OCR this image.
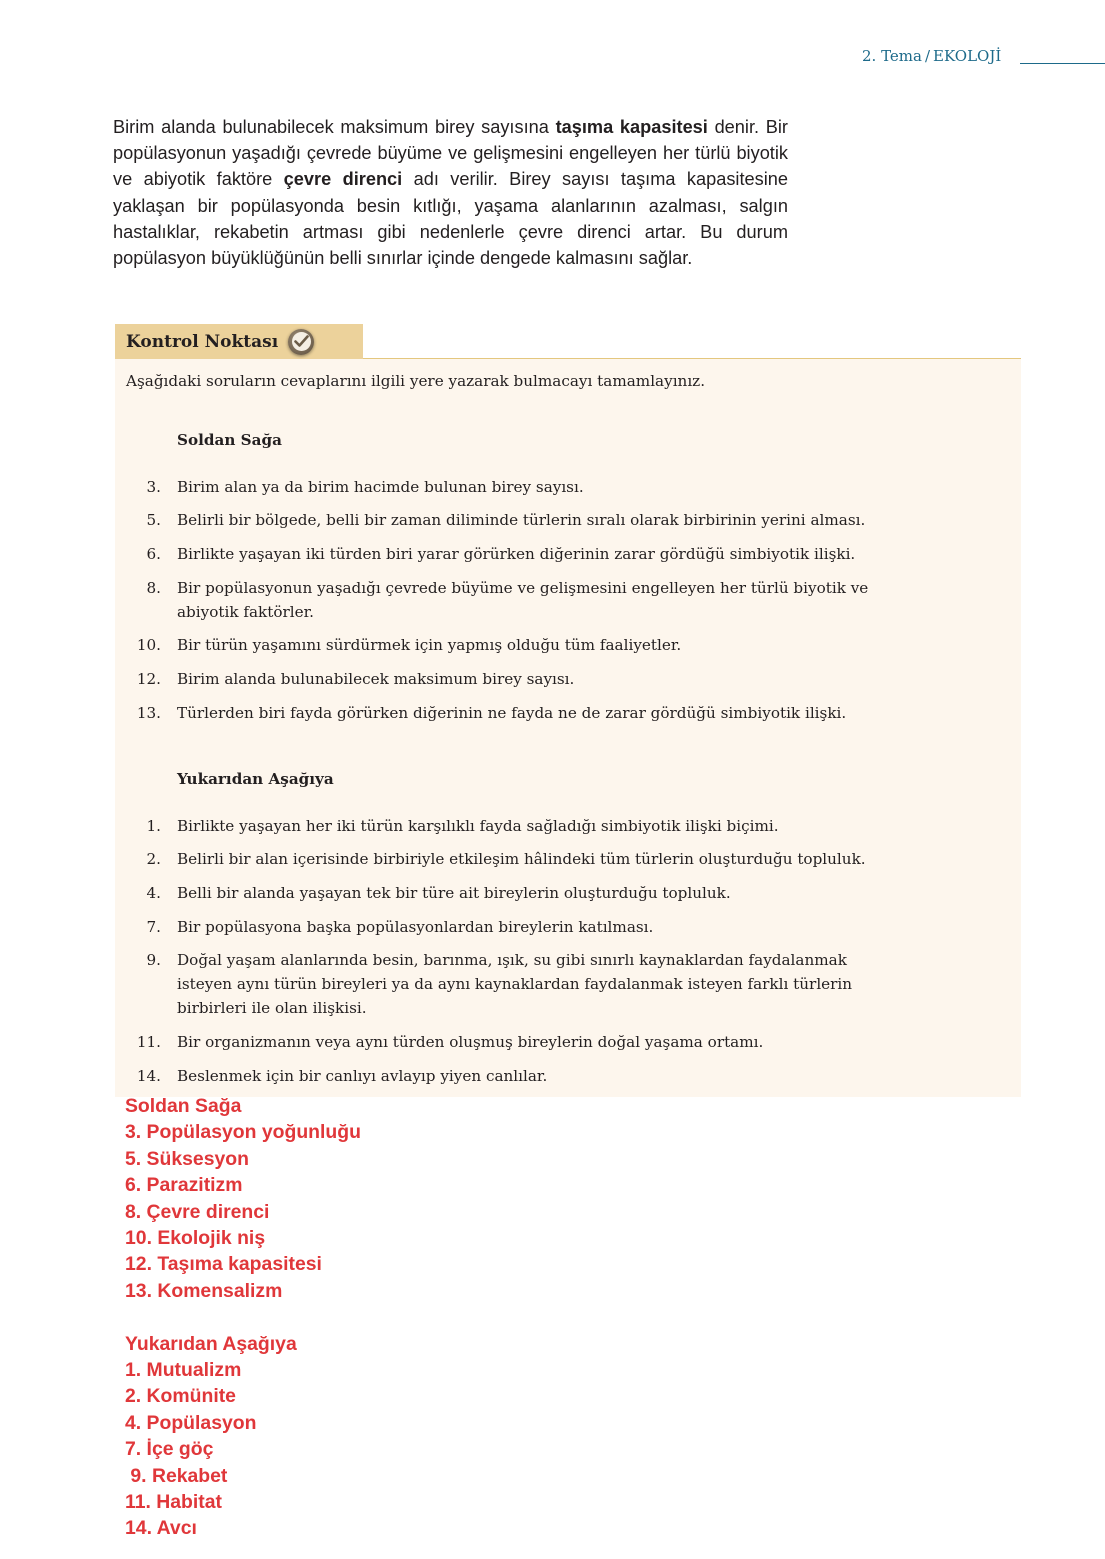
2. Tema / EKOLOJİ

Birim alanda bulunabilecek maksimum birey sayısına taşıma kapasitesi denir. Bir popülasyonun yaşadığı çevrede büyüme ve gelişmesini engelleyen her türlü biyotik ve abiyotik faktöre çevre direnci adı verilir. Birey sayısı taşıma kapasitesine yaklaşan bir popülasyonda besin kıtlığı, yaşama alanlarının azalması, salgın hastalıklar, rekabetin artması gibi nedenlerle çevre direnci artar. Bu durum popülasyon büyüklüğünün belli sınırlar içinde dengede kalmasını sağlar.

Kontrol Noktası
Aşağıdaki soruların cevaplarını ilgili yere yazarak bulmacayı tamamlayınız.
Soldan Sağa
3. Birim alan ya da birim hacimde bulunan birey sayısı.
5. Belirli bir bölgede, belli bir zaman diliminde türlerin sıralı olarak birbirinin yerini alması.
6. Birlikte yaşayan iki türden biri yarar görürken diğerinin zarar gördüğü simbiyotik ilişki.
8. Bir popülasyonun yaşadığı çevrede büyüme ve gelişmesini engelleyen her türlü biyotik ve abiyotik faktörler.
10. Bir türün yaşamını sürdürmek için yapmış olduğu tüm faaliyetler.
12. Birim alanda bulunabilecek maksimum birey sayısı.
13. Türlerden biri fayda görürken diğerinin ne fayda ne de zarar gördüğü simbiyotik ilişki.
Yukarıdan Aşağıya
1. Birlikte yaşayan her iki türün karşılıklı fayda sağladığı simbiyotik ilişki biçimi.
2. Belirli bir alan içerisinde birbiriyle etkileşim hâlindeki tüm türlerin oluşturduğu topluluk.
4. Belli bir alanda yaşayan tek bir türe ait bireylerin oluşturduğu topluluk.
7. Bir popülasyona başka popülasyonlardan bireylerin katılması.
9. Doğal yaşam alanlarında besin, barınma, ışık, su gibi sınırlı kaynaklardan faydalanmak isteyen aynı türün bireyleri ya da aynı kaynaklardan faydalanmak isteyen farklı türlerin birbirleri ile olan ilişkisi.
11. Bir organizmanın veya aynı türden oluşmuş bireylerin doğal yaşama ortamı.
14. Beslenmek için bir canlıyı avlayıp yiyen canlılar.
Soldan Sağa
3. Popülasyon yoğunluğu
5. Süksesyon
6. Parazitizm
8. Çevre direnci
10. Ekolojik niş
12. Taşıma kapasitesi
13. Komensalizm
Yukarıdan Aşağıya
1. Mutualizm
2. Komünite
4. Popülasyon
7. İçe göç
9. Rekabet
11. Habitat
14. Avcı
